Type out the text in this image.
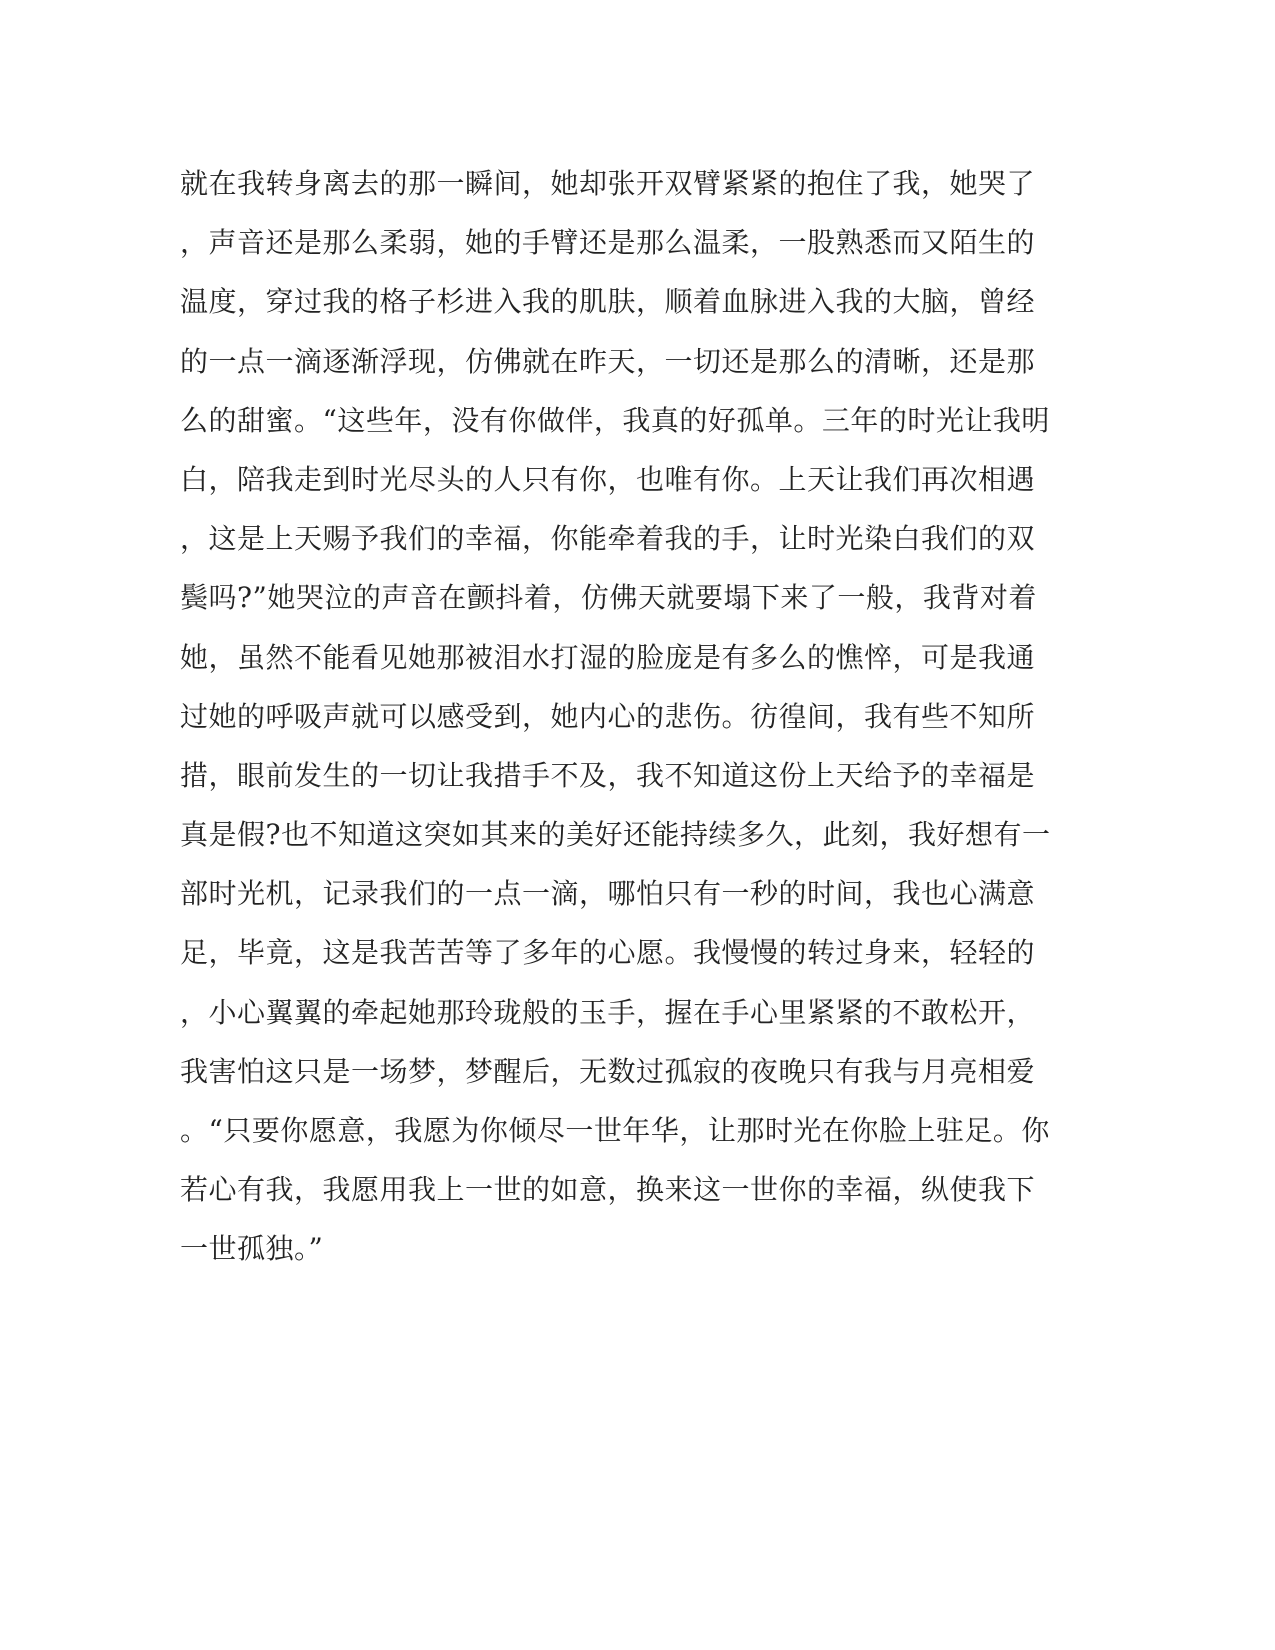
就在我转身离去的那一瞬间，她却张开双臂紧紧的抱住了我，她哭了
，声音还是那么柔弱，她的手臂还是那么温柔，一股熟悉而又陌生的
温度，穿过我的格子杉进入我的肌肤，顺着血脉进入我的大脑，曾经
的一点一滴逐渐浮现，仿佛就在昨天，一切还是那么的清晰，还是那
么的甜蜜。“这些年，没有你做伴，我真的好孤单。三年的时光让我明
白，陪我走到时光尽头的人只有你，也唯有你。上天让我们再次相遇
，这是上天赐予我们的幸福，你能牵着我的手，让时光染白我们的双
鬓吗?”她哭泣的声音在颤抖着，仿佛天就要塌下来了一般，我背对着
她，虽然不能看见她那被泪水打湿的脸庞是有多么的憔悴，可是我通
过她的呼吸声就可以感受到，她内心的悲伤。彷徨间，我有些不知所
措，眼前发生的一切让我措手不及，我不知道这份上天给予的幸福是
真是假?也不知道这突如其来的美好还能持续多久，此刻，我好想有一
部时光机，记录我们的一点一滴，哪怕只有一秒的时间，我也心满意
足，毕竟，这是我苦苦等了多年的心愿。我慢慢的转过身来，轻轻的
，小心翼翼的牵起她那玲珑般的玉手，握在手心里紧紧的不敢松开，
我害怕这只是一场梦，梦醒后，无数过孤寂的夜晚只有我与月亮相爱
。“只要你愿意，我愿为你倾尽一世年华，让那时光在你脸上驻足。你
若心有我，我愿用我上一世的如意，换来这一世你的幸福，纵使我下
一世孤独。”
